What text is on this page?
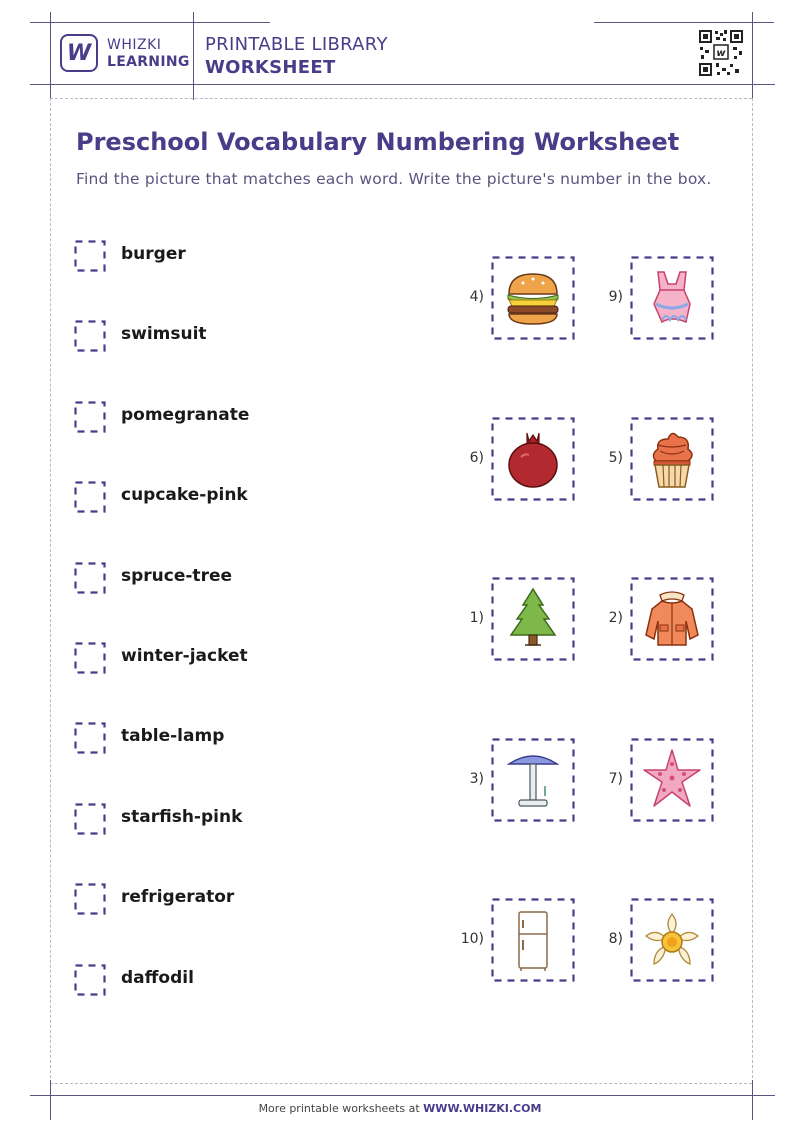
W WHIZKI
LEARNING
PRINTABLE LIBRARY
WORKSHEET
w
Preschool Vocabulary Numbering Worksheet
Find the picture that matches each word. Write the picture's number in the box.
burger
swimsuit
pomegranate
cupcake-pink
spruce-tree
winter-jacket
table-lamp
starfish-pink
refrigerator
daffodil
4)	9)
6)	5)
1)	2)
3)	7)
10)	8)
More printable worksheets at WWW.WHIZKI.COM
